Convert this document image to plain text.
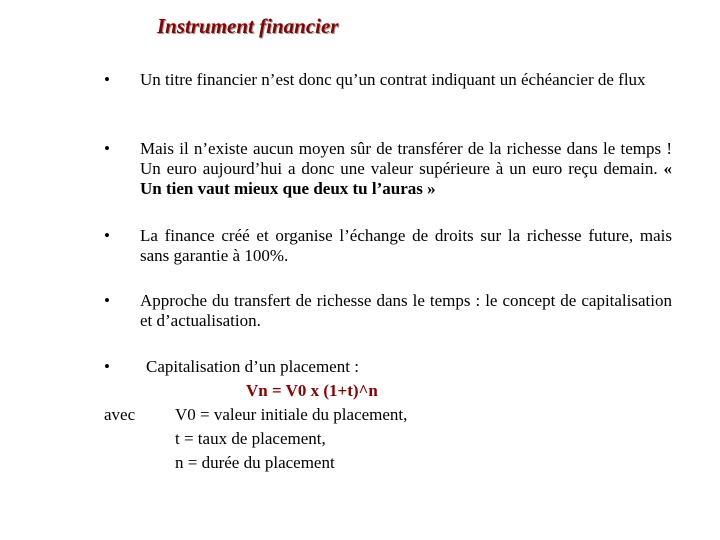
Instrument financier
• Un titre financier n’est donc qu’un contrat indiquant un échéancier de flux
• Mais il n’existe aucun moyen sûr de transférer de la richesse dans le temps ! Un euro aujourd’hui a donc une valeur supérieure à un euro reçu demain. « Un tien vaut mieux que deux tu l’auras »
• La finance créé et organise l’échange de droits sur la richesse future, mais sans garantie à 100%.
• Approche du transfert de richesse dans le temps : le concept de capitalisation et d’actualisation.
• Capitalisation d’un placement :
Vn = V0 x (1+t)^n
avec V0 = valeur initiale du placement,
t = taux de placement,
n = durée du placement
